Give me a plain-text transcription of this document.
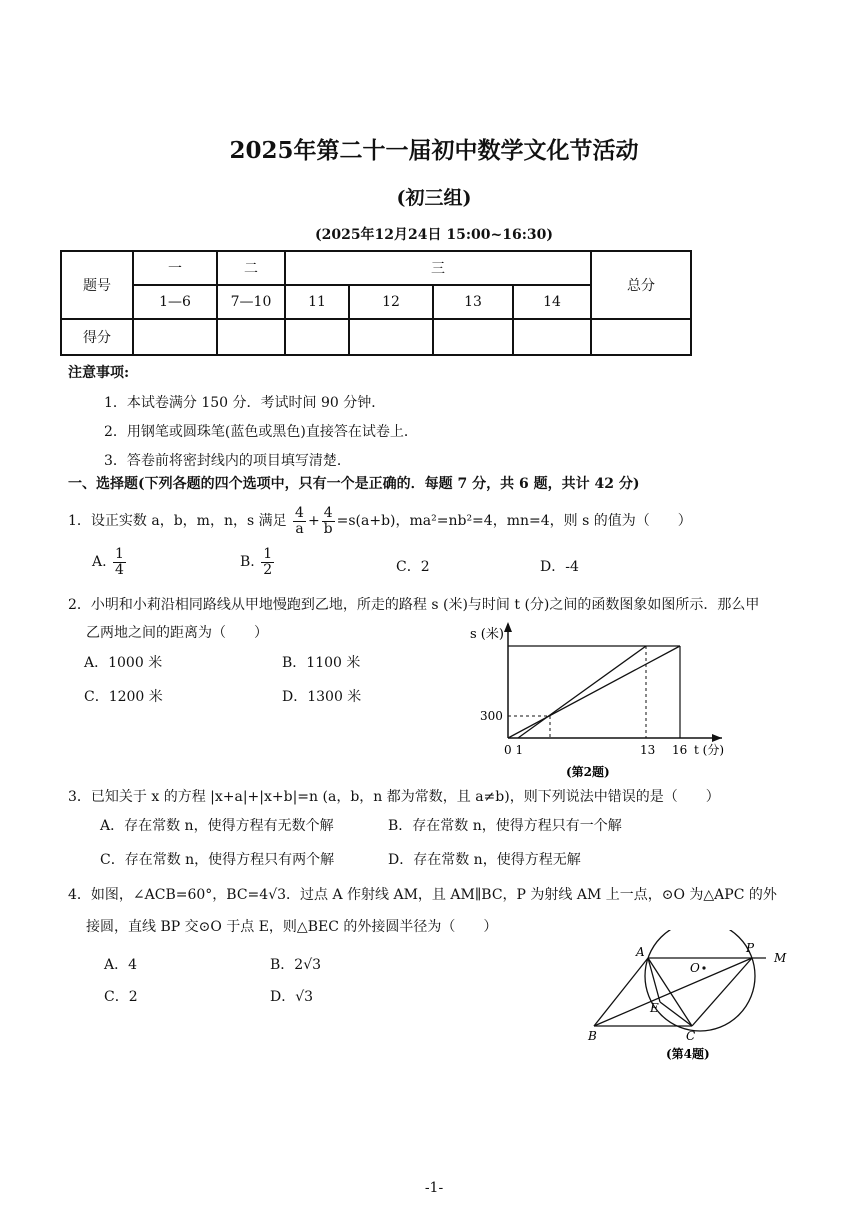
2025年第二十一届初中数学文化节活动
(初三组)
(2025年12月24日 15:00~16:30)
题号	一	二	三				总分
	1—6	7—10	11	12	13	14	
得分							
注意事项:
1．本试卷满分 150 分．考试时间 90 分钟．
2．用钢笔或圆珠笔(蓝色或黑色)直接答在试卷上．
3．答卷前将密封线内的项目填写清楚．
一、选择题(下列各题的四个选项中，只有一个是正确的．每题 7 分，共 6 题，共计 42 分)
1．设正实数 a，b，m，n，s 满足 $\frac{4}{a} + \frac{4}{b} =s(a+b)$，ma²=nb²=4，mn=4，则 s 的值为（　　）
A. $\frac{1}{4}$	B. $\frac{1}{2}$	C．2	D．-4
2．小明和小莉沿相同路线从甲地慢跑到乙地，所走的路程 s (米)与时间 t (分)之间的函数图象如图所示．那么甲
乙两地之间的距离为（　　）
A．1000 米	B．1100 米
C．1200 米	D．1300 米
s (米)
300
0 1	13 16 t (分)
(第2题)
3．已知关于 x 的方程 |x+a|+|x+b|=n (a，b，n 都为常数，且 a≠b)，则下列说法中错误的是（　　）
A．存在常数 n，使得方程有无数个解	B．存在常数 n，使得方程只有一个解
C．存在常数 n，使得方程只有两个解	D．存在常数 n，使得方程无解
4．如图，∠ACB=60°，BC=4√3．过点 A 作射线 AM，且 AM∥BC，P 为射线 AM 上一点，⊙O 为△APC 的外
接圆，直线 BP 交⊙O 于点 E，则△BEC 的外接圆半径为（　　）
A．4	B．2√3
C．2	D．√3
A	P
M
O
E
B	C
(第4题)
-1-
